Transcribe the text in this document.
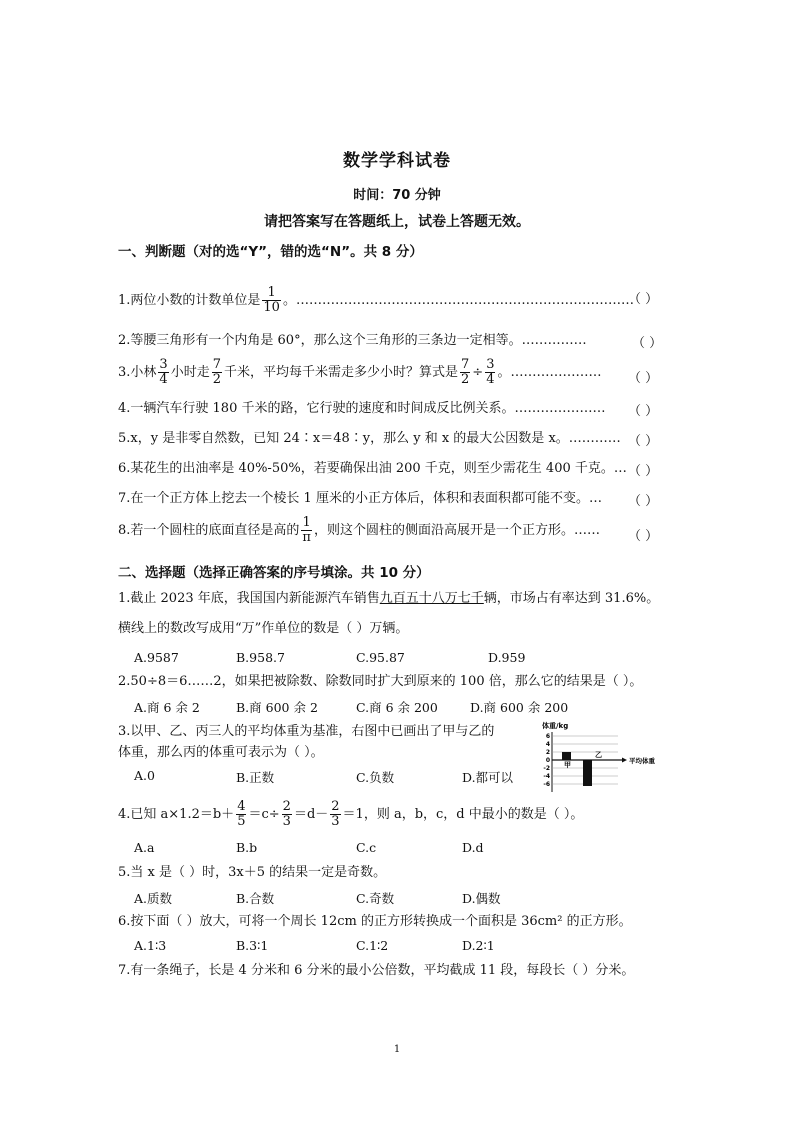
数学学科试卷
时间：70 分钟
请把答案写在答题纸上，试卷上答题无效。
一、判断题（对的选“Y”，错的选“N”。共 8 分）
1.两位小数的计数单位是 $\frac{1}{10}$ 。……………………………………………………………………
（ ）
2.等腰三角形有一个内角是 60°，那么这个三角形的三条边一定相等。……………	（ ）
3.小林 $\frac{3}{4}$ 小时走 $\frac{7}{2}$ 千米，平均每千米需走多少小时？算式是 $\frac{7}{2} \div \frac{3}{4}$ 。………………… （ ）
4.一辆汽车行驶 180 千米的路，它行驶的速度和时间成反比例关系。………………… （ ）
5.x，y 是非零自然数，已知 24∶x＝48∶y，那么 y 和 x 的最大公因数是 x。………… （ ）
6.某花生的出油率是 40%-50%，若要确保出油 200 千克，则至少需花生 400 千克。… （ ）
7.在一个正方体上挖去一个棱长 1 厘米的小正方体后，体积和表面积都可能不变。… （ ）
8.若一个圆柱的底面直径是高的 $\frac{1}{\pi}$ ，则这个圆柱的侧面沿高展开是一个正方形。…… （ ）
二、选择题（选择正确答案的序号填涂。共 10 分）
1.截止 2023 年底，我国国内新能源汽车销售九百五十八万七千辆，市场占有率达到 31.6%。
横线上的数改写成用“万”作单位的数是（ ）万辆。
A.9587	B.958.7	C.95.87	D.959
2.50÷8＝6……2，如果把被除数、除数同时扩大到原来的 100 倍，那么它的结果是（ ）。
A.商 6 余 2	B.商 600 余 2	C.商 6 余 200	D.商 600 余 200
3.以甲、乙、丙三人的平均体重为基准，右图中已画出了甲与乙的
体重，那么丙的体重可表示为（ ）。
A.0	B.正数	C.负数	D.都可以
体重/kg
6
4
2
0
-2
-4
-6
甲
乙
平均体重
4.已知 $a\times 1.2=b+ \frac{4}{5} =c\div \frac{2}{3} =d- \frac{2}{3} =1$，则 a，b，c，d 中最小的数是（ ）。
A.a	B.b	C.c	D.d
5.当 x 是（ ）时，3x＋5 的结果一定是奇数。
A.质数	B.合数	C.奇数	D.偶数
6.按下面（ ）放大，可将一个周长 12cm 的正方形转换成一个面积是 36cm² 的正方形。
A.1∶3	B.3∶1	C.1∶2	D.2∶1
7.有一条绳子，长是 4 分米和 6 分米的最小公倍数，平均截成 11 段，每段长（ ）分米。
1
